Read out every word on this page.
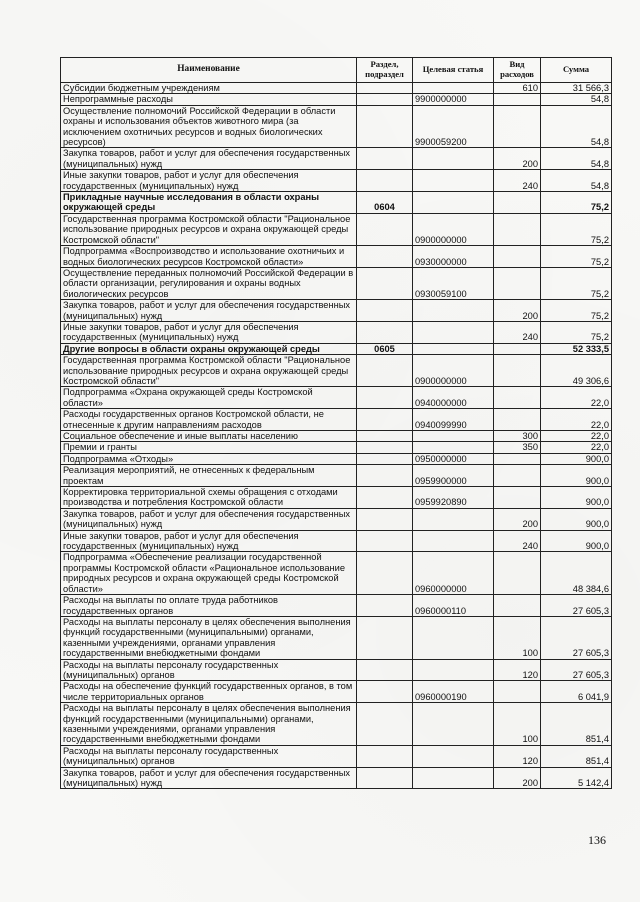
Наименование	Раздел, подраздел	Целевая статья	Вид расходов	Сумма
Субсидии бюджетным учреждениям			610	31 566,3
Непрограммные расходы		9900000000		54,8
Осуществление полномочий Российской Федерации в области охраны и использования объектов животного мира (за исключением охотничьих ресурсов и водных биологических ресурсов)		9900059200		54,8
Закупка товаров, работ и услуг для обеспечения государственных (муниципальных) нужд			200	54,8
Иные закупки товаров, работ и услуг для обеспечения государственных (муниципальных) нужд			240	54,8
Прикладные научные исследования в области охраны окружающей среды	0604			75,2
Государственная программа Костромской области "Рациональное использование природных ресурсов и охрана окружающей среды Костромской области"		0900000000		75,2
Подпрограмма «Воспроизводство и использование охотничьих и водных биологических ресурсов Костромской области»		0930000000		75,2
Осуществление переданных полномочий Российской Федерации в области организации, регулирования и охраны водных биологических ресурсов		0930059100		75,2
Закупка товаров, работ и услуг для обеспечения государственных (муниципальных) нужд			200	75,2
Иные закупки товаров, работ и услуг для обеспечения государственных (муниципальных) нужд			240	75,2
Другие вопросы в области охраны окружающей среды	0605			52 333,5
Государственная программа Костромской области "Рациональное использование природных ресурсов и охрана окружающей среды Костромской области"		0900000000		49 306,6
Подпрограмма «Охрана окружающей среды Костромской области»		0940000000		22,0
Расходы государственных органов Костромской области, не отнесенные к другим направлениям расходов		0940099990		22,0
Социальное обеспечение и иные выплаты населению			300	22,0
Премии и гранты			350	22,0
Подпрограмма «Отходы»		0950000000		900,0
Реализация мероприятий, не отнесенных к федеральным проектам		0959900000		900,0
Корректировка территориальной схемы обращения с отходами производства и потребления Костромской области		0959920890		900,0
Закупка товаров, работ и услуг для обеспечения государственных (муниципальных) нужд			200	900,0
Иные закупки товаров, работ и услуг для обеспечения государственных (муниципальных) нужд			240	900,0
Подпрограмма «Обеспечение реализации государственной программы Костромской области «Рациональное использование природных ресурсов и охрана окружающей среды Костромской области»		0960000000		48 384,6
Расходы на выплаты по оплате труда работников государственных органов		0960000110		27 605,3
Расходы на выплаты персоналу в целях обеспечения выполнения функций государственными (муниципальными) органами, казенными учреждениями, органами управления государственными внебюджетными фондами			100	27 605,3
Расходы на выплаты персоналу государственных (муниципальных) органов			120	27 605,3
Расходы на обеспечение функций государственных органов, в том числе территориальных органов		0960000190		6 041,9
Расходы на выплаты персоналу в целях обеспечения выполнения функций государственными (муниципальными) органами, казенными учреждениями, органами управления государственными внебюджетными фондами			100	851,4
Расходы на выплаты персоналу государственных (муниципальных) органов			120	851,4
Закупка товаров, работ и услуг для обеспечения государственных (муниципальных) нужд			200	5 142,4
136
